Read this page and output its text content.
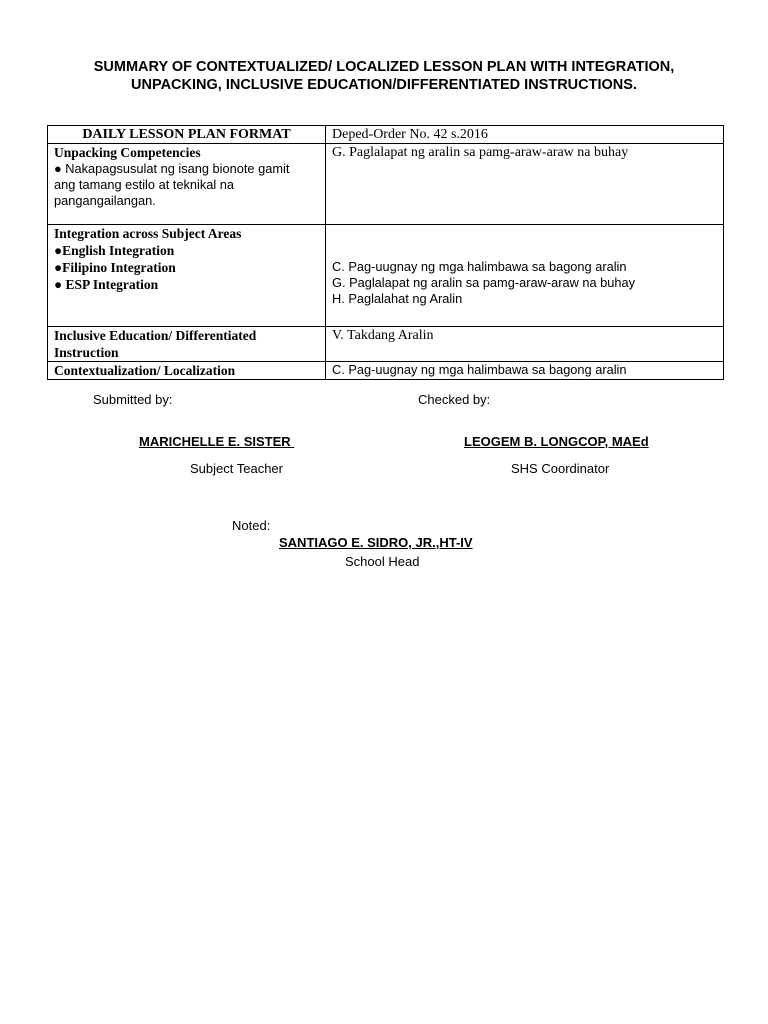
SUMMARY OF CONTEXTUALIZED/ LOCALIZED LESSON PLAN WITH INTEGRATION,
UNPACKING, INCLUSIVE EDUCATION/DIFFERENTIATED INSTRUCTIONS.
DAILY LESSON PLAN FORMAT	Deped-Order No. 42 s.2016

Unpacking Competencies
● Nakapagsusulat ng isang bionote gamit
ang tamang estilo at teknikal na
pangangailangan.	G. Paglalapat ng aralin sa pamg-araw-araw na buhay

Integration across Subject Areas
●English Integration
●Filipino Integration
● ESP Integration	C. Pag-uugnay ng mga halimbawa sa bagong aralin
G. Paglalapat ng aralin sa pamg-araw-araw na buhay
H. Paglalahat ng Aralin

Inclusive Education/ Differentiated
Instruction	V. Takdang Aralin

Contextualization/ Localization	C. Pag-uugnay ng mga halimbawa sa bagong aralin
Submitted by:	Checked by:
MARICHELLE E. SISTER	LEOGEM B. LONGCOP, MAEd
Subject Teacher	SHS Coordinator
Noted:
SANTIAGO E. SIDRO, JR.,HT-IV
School Head
